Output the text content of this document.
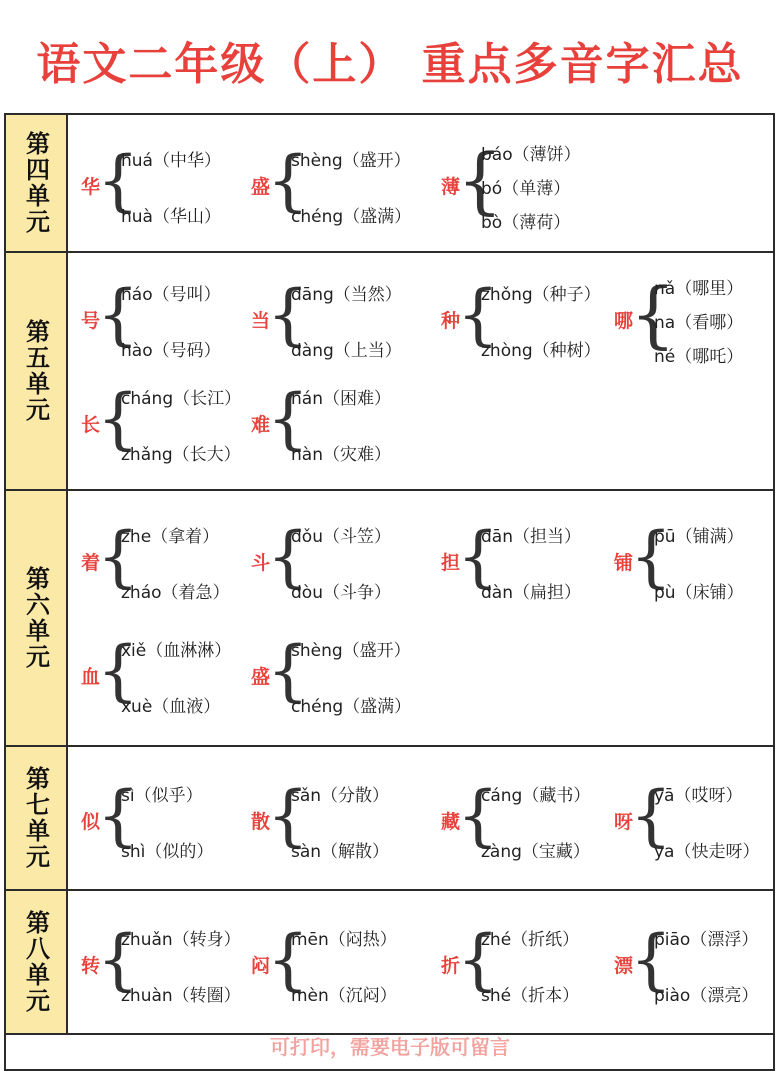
语文二年级（上） 重点多音字汇总
第四单元 华
{
huá（中华）
huà（华山）
盛
{
shèng（盛开）
chéng（盛满）
薄
{
báo（薄饼）
bó（单薄）
bò（薄荷）
第五单元 号
{
háo（号叫）
hào（号码）
当
{
dāng（当然）
dàng（上当）
种
{
zhǒng（种子）
zhòng（种树）
哪
{
nǎ（哪里）
na（看哪）
né（哪吒）
长
{
cháng（长江）
zhǎng（长大）
难
{
nán（困难）
nàn（灾难）
第六单元
着
{
zhe（拿着）
zháo（着急）
斗
{
dǒu（斗笠）
dòu（斗争）
担
{
dān（担当）
dàn（扁担）
铺
{
pū（铺满）
pù（床铺）
血
{
xiě（血淋淋）
xuè（血液）
盛
{
shèng（盛开）
chéng（盛满）
第七单元 似
{
sì（似乎）
shì（似的）
散
{
sǎn（分散）
sàn（解散）
藏
{
cáng（藏书）
zàng（宝藏）
呀
{
yā（哎呀）
ya（快走呀）
第八单元 转
{
zhuǎn（转身）
zhuàn（转圈）
闷
{
mēn（闷热）
mèn（沉闷）
折
{
zhé（折纸）
shé（折本）
漂
{
piāo（漂浮）
piào（漂亮）
可打印，需要电子版可留言
